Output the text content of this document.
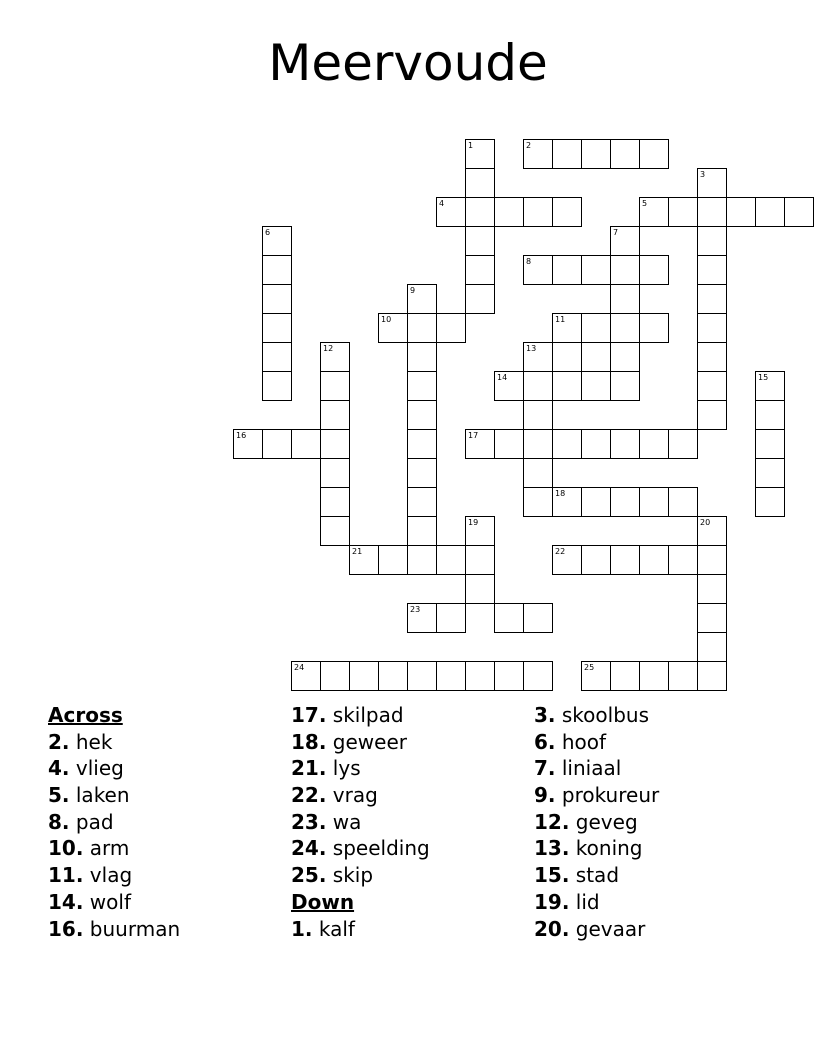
Meervoude
1	2
3
4	5
6	7
8
9
10	11
12	13
14	15
16	17
18
19	20
21	22
23
24	25
Across
2. hek
4. vlieg
5. laken
8. pad
10. arm
11. vlag
14. wolf
16. buurman
17. skilpad
18. geweer
21. lys
22. vrag
23. wa
24. speelding
25. skip
Down
1. kalf
3. skoolbus
6. hoof
7. liniaal
9. prokureur
12. geveg
13. koning
15. stad
19. lid
20. gevaar
